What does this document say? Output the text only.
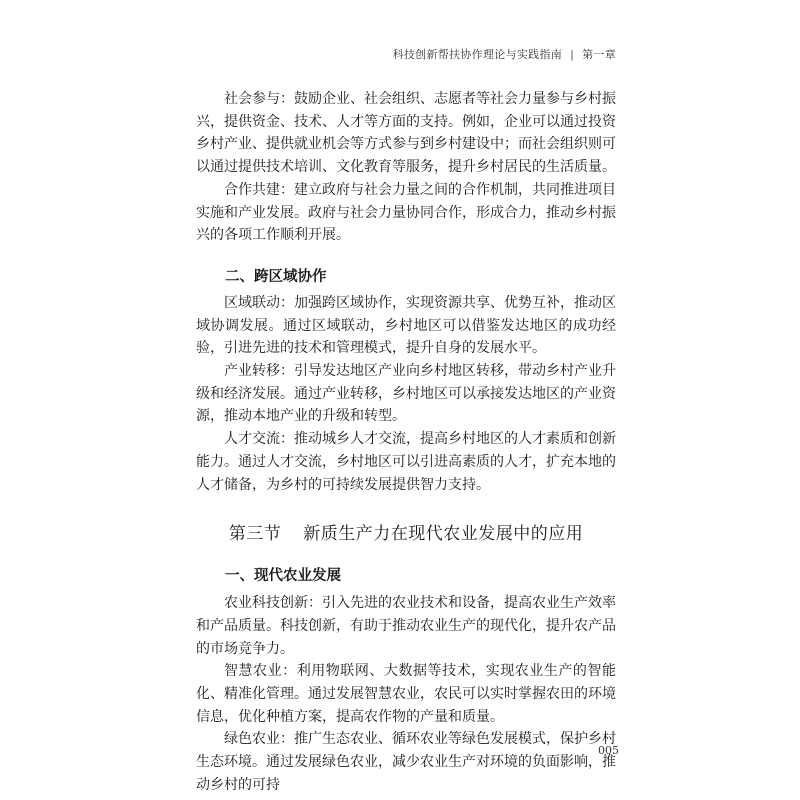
科技创新帮扶协作理论与实践指南 | 第一章

社会参与：鼓励企业、社会组织、志愿者等社会力量参与乡村振兴，提供资金、技术、人才等方面的支持。例如，企业可以通过投资乡村产业、提供就业机会等方式参与到乡村建设中；而社会组织则可以通过提供技术培训、文化教育等服务，提升乡村居民的生活质量。

合作共建：建立政府与社会力量之间的合作机制，共同推进项目实施和产业发展。政府与社会力量协同合作，形成合力，推动乡村振兴的各项工作顺利开展。

二、跨区域协作

区域联动：加强跨区域协作，实现资源共享、优势互补，推动区域协调发展。通过区域联动，乡村地区可以借鉴发达地区的成功经验，引进先进的技术和管理模式，提升自身的发展水平。

产业转移：引导发达地区产业向乡村地区转移，带动乡村产业升级和经济发展。通过产业转移，乡村地区可以承接发达地区的产业资源，推动本地产业的升级和转型。

人才交流：推动城乡人才交流，提高乡村地区的人才素质和创新能力。通过人才交流，乡村地区可以引进高素质的人才，扩充本地的人才储备，为乡村的可持续发展提供智力支持。

第三节 新质生产力在现代农业发展中的应用

一、现代农业发展

农业科技创新：引入先进的农业技术和设备，提高农业生产效率和产品质量。科技创新，有助于推动农业生产的现代化，提升农产品的市场竞争力。

智慧农业：利用物联网、大数据等技术，实现农业生产的智能化、精准化管理。通过发展智慧农业，农民可以实时掌握农田的环境信息，优化种植方案，提高农作物的产量和质量。

绿色农业：推广生态农业、循环农业等绿色发展模式，保护乡村生态环境。通过发展绿色农业，减少农业生产对环境的负面影响，推动乡村的可持

005
